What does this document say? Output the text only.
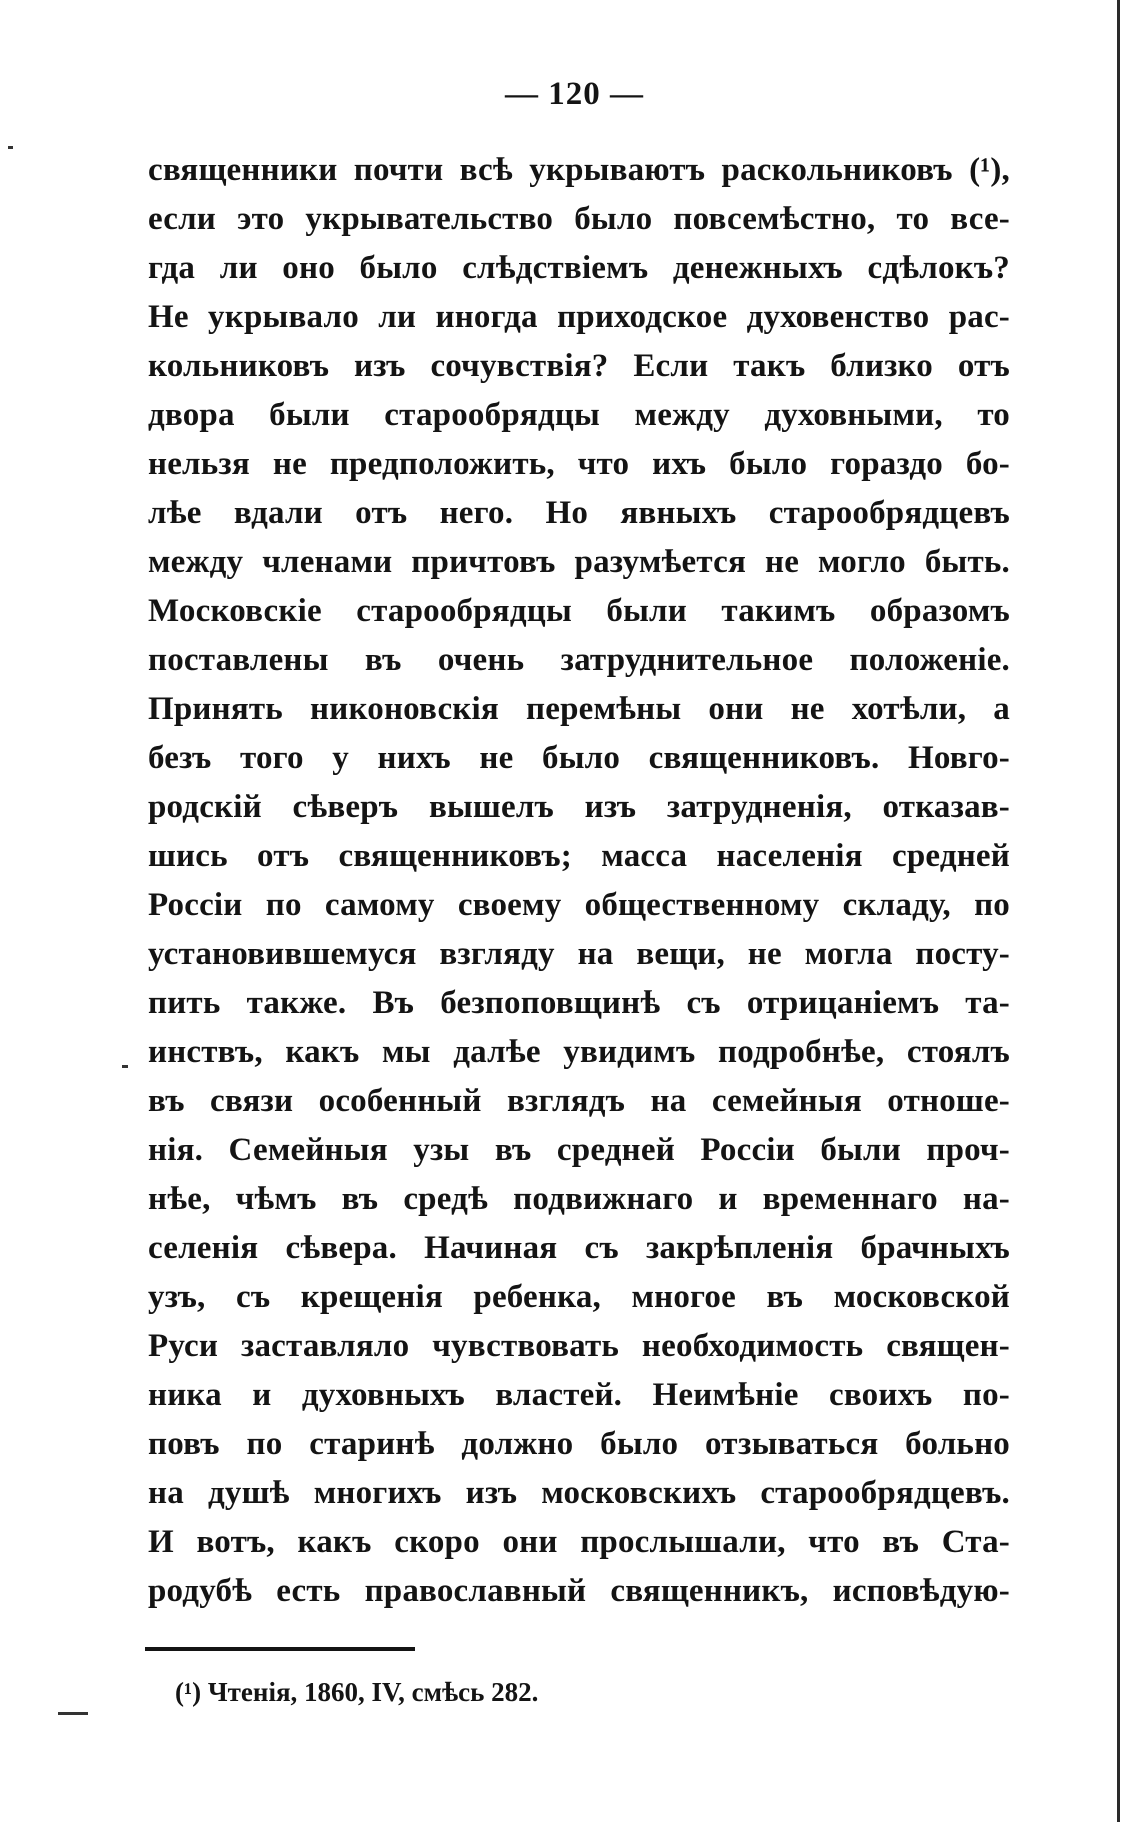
— 120 —
священники почти всѣ укрываютъ раскольниковъ (¹),
если это укрывательство было повсемѣстно, то все-
гда ли оно было слѣдствіемъ денежныхъ сдѣлокъ?
Не укрывало ли иногда приходское духовенство рас-
кольниковъ изъ сочувствія? Если такъ близко отъ
двора были старообрядцы между духовными, то
нельзя не предположить, что ихъ было гораздо бо-
лѣе вдали отъ него. Но явныхъ старообрядцевъ
между членами причтовъ разумѣется не могло быть.
Московскіе старообрядцы были такимъ образомъ
поставлены въ очень затруднительное положеніе.
Принять никоновскія перемѣны они не хотѣли, а
безъ того у нихъ не было священниковъ. Новго-
родскій сѣверъ вышелъ изъ затрудненія, отказав-
шись отъ священниковъ; масса населенія средней
Россіи по самому своему общественному складу, по
установившемуся взгляду на вещи, не могла посту-
пить также. Въ безпоповщинѣ съ отрицаніемъ та-
инствъ, какъ мы далѣе увидимъ подробнѣе, стоялъ
въ связи особенный взглядъ на семейныя отноше-
нія. Семейныя узы въ средней Россіи были проч-
нѣе, чѣмъ въ средѣ подвижнаго и временнаго на-
селенія сѣвера. Начиная съ закрѣпленія брачныхъ
узъ, съ крещенія ребенка, многое въ московской
Руси заставляло чувствовать необходимость священ-
ника и духовныхъ властей. Неимѣніе своихъ по-
повъ по старинѣ должно было отзываться больно
на душѣ многихъ изъ московскихъ старообрядцевъ.
И вотъ, какъ скоро они прослышали, что въ Ста-
родубѣ есть православный священникъ, исповѣдую-
(¹) Чтенія, 1860, IV, смѣсь 282.
